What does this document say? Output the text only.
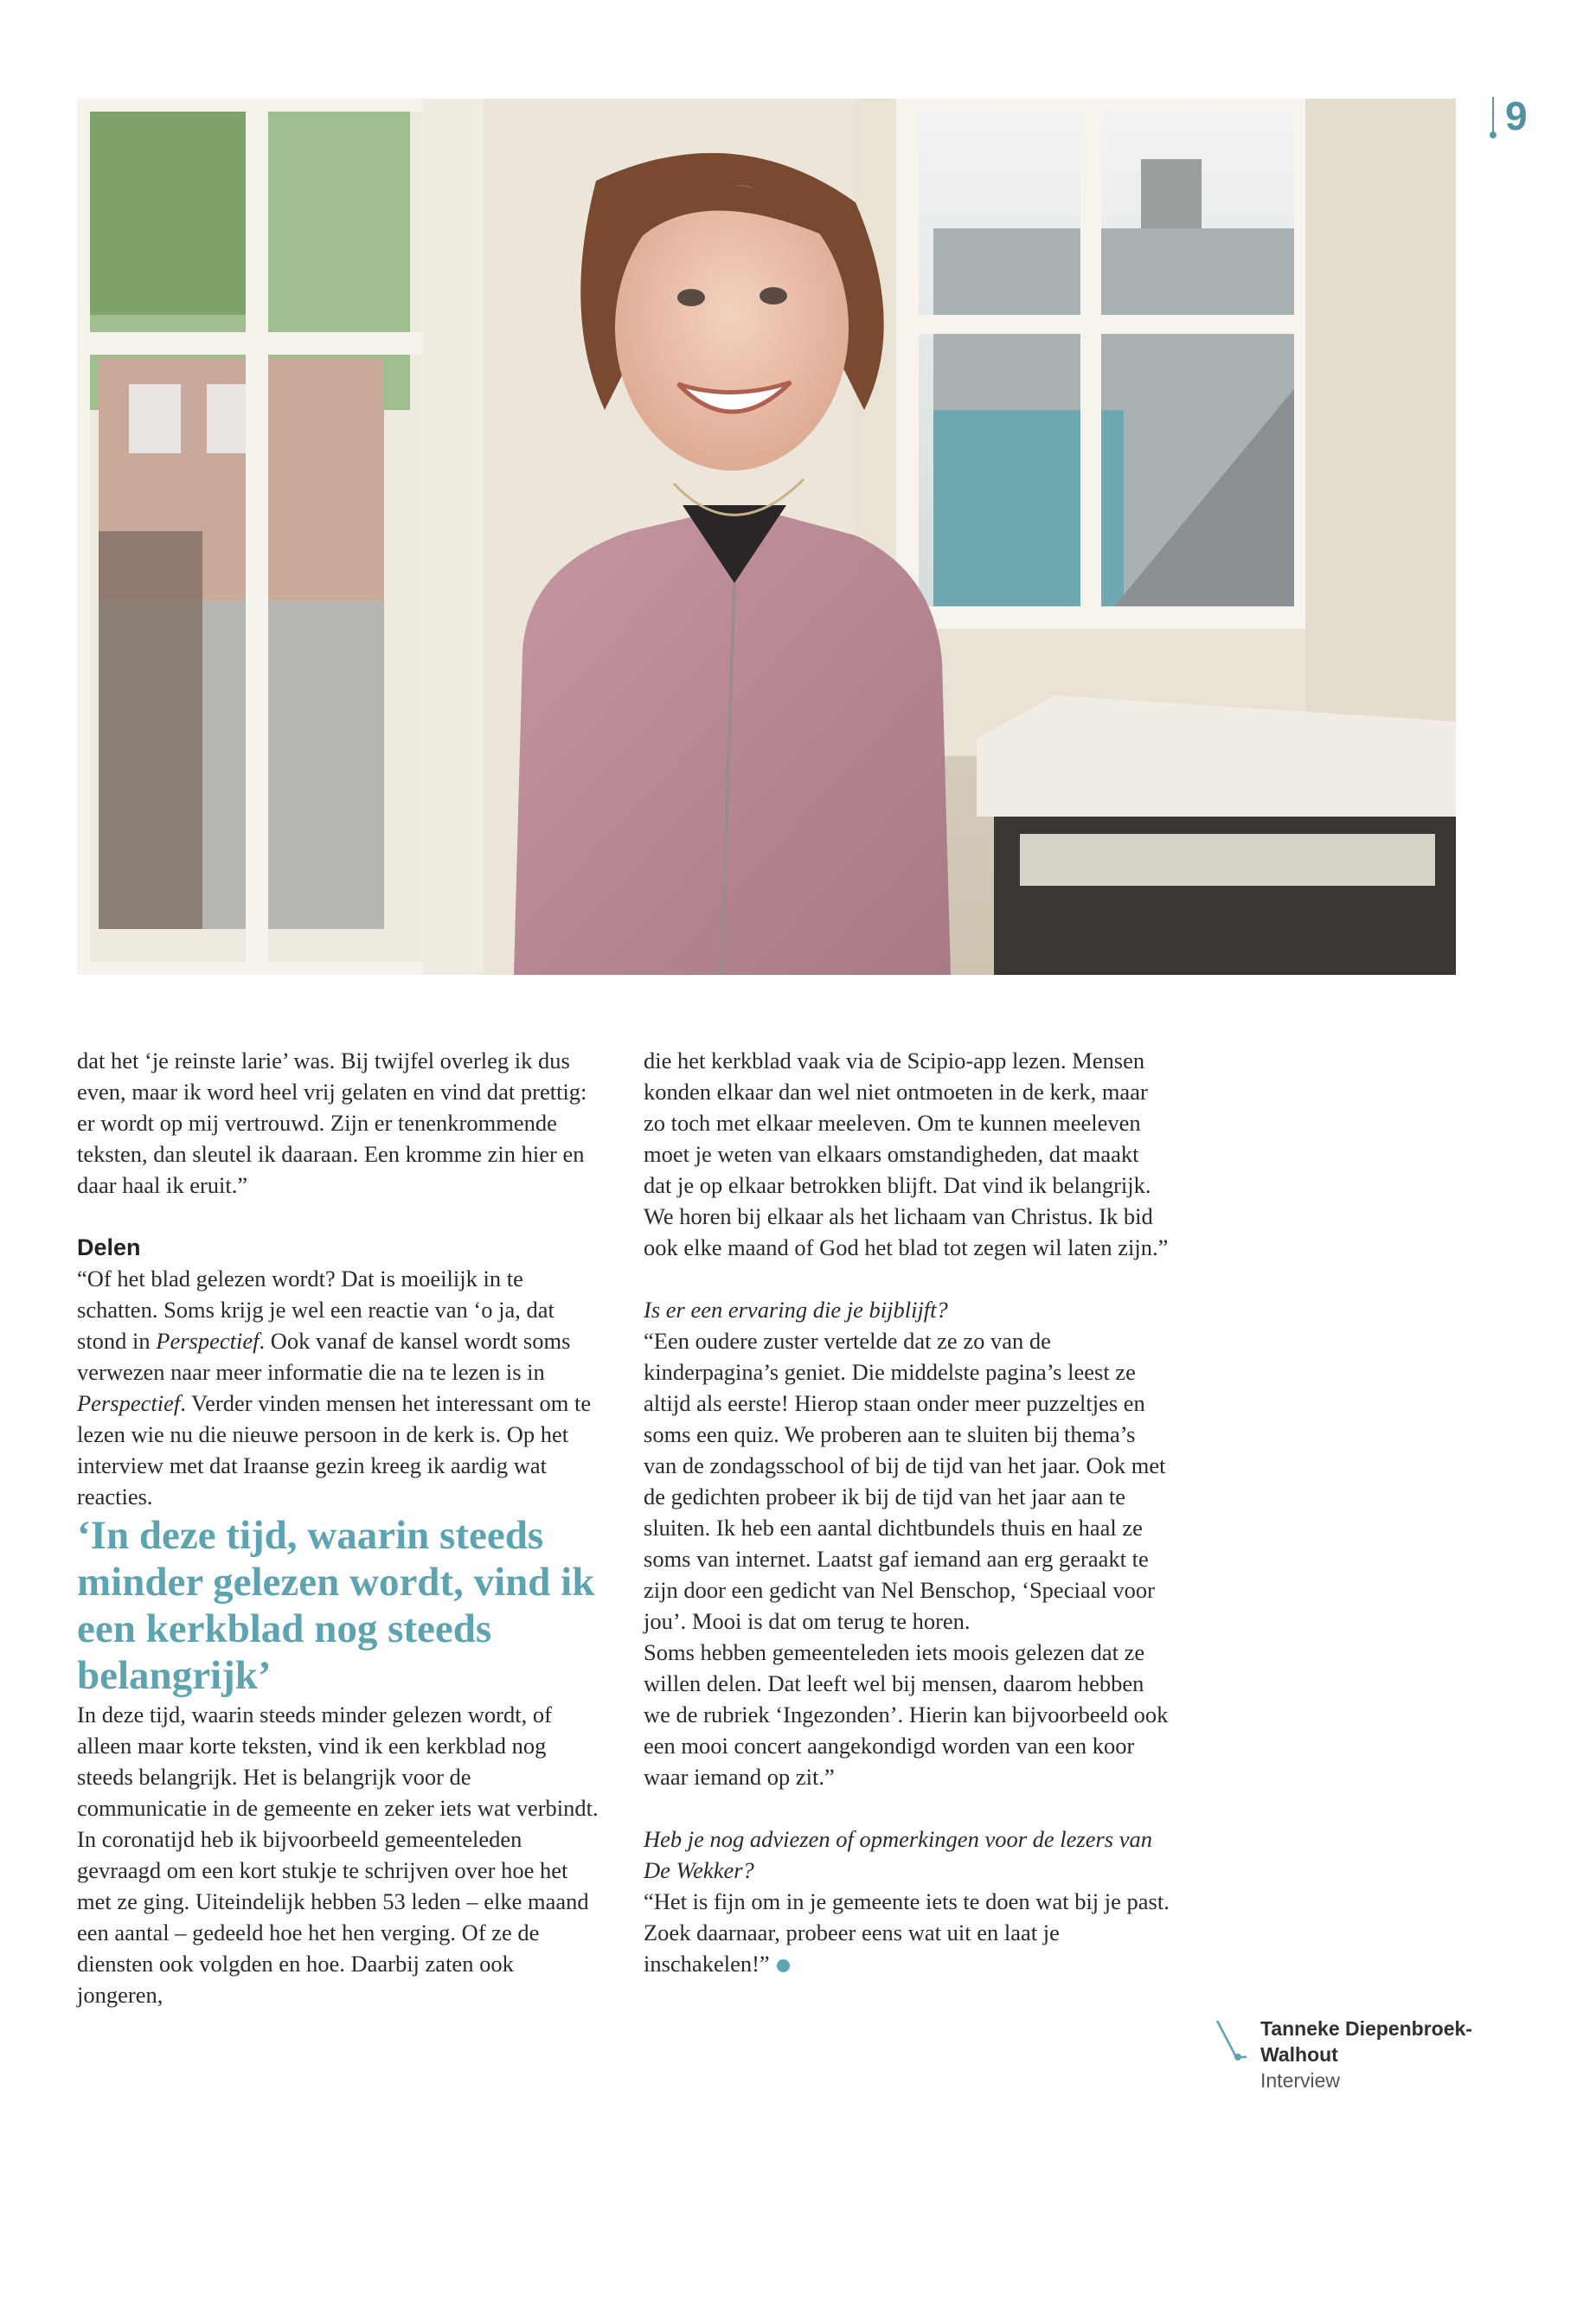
9

dat het ‘je reinste larie’ was. Bij twijfel overleg ik dus even, maar ik word heel vrij gelaten en vind dat prettig: er wordt op mij vertrouwd. Zijn er tenenkrommende teksten, dan sleutel ik daaraan. Een kromme zin hier en daar haal ik eruit.”

Delen

“Of het blad gelezen wordt? Dat is moeilijk in te schatten. Soms krijg je wel een reactie van ‘o ja, dat stond in Perspectief. Ook vanaf de kansel wordt soms verwezen naar meer informatie die na te lezen is in Perspectief. Verder vinden mensen het interessant om te lezen wie nu die nieuwe persoon in de kerk is. Op het interview met dat Iraanse gezin kreeg ik aardig wat reacties.

‘In deze tijd, waarin steeds minder gelezen wordt, vind ik een kerkblad nog steeds belangrijk’

In deze tijd, waarin steeds minder gelezen wordt, of alleen maar korte teksten, vind ik een kerkblad nog steeds belangrijk. Het is belangrijk voor de communicatie in de gemeente en zeker iets wat verbindt. In coronatijd heb ik bijvoorbeeld gemeenteleden gevraagd om een kort stukje te schrijven over hoe het met ze ging. Uiteindelijk hebben 53 leden – elke maand een aantal – gedeeld hoe het hen verging. Of ze de diensten ook volgden en hoe. Daarbij zaten ook jongeren,

die het kerkblad vaak via de Scipio-app lezen. Mensen konden elkaar dan wel niet ontmoeten in de kerk, maar zo toch met elkaar meeleven. Om te kunnen meeleven moet je weten van elkaars omstandigheden, dat maakt dat je op elkaar betrokken blijft. Dat vind ik belangrijk. We horen bij elkaar als het lichaam van Christus. Ik bid ook elke maand of God het blad tot zegen wil laten zijn.”

Is er een ervaring die je bijblijft?

“Een oudere zuster vertelde dat ze zo van de kinderpagina’s geniet. Die middelste pagina’s leest ze altijd als eerste! Hierop staan onder meer puzzeltjes en soms een quiz. We proberen aan te sluiten bij thema’s van de zondagsschool of bij de tijd van het jaar. Ook met de gedichten probeer ik bij de tijd van het jaar aan te sluiten. Ik heb een aantal dichtbundels thuis en haal ze soms van internet. Laatst gaf iemand aan erg geraakt te zijn door een gedicht van Nel Benschop, ‘Speciaal voor jou’. Mooi is dat om terug te horen.

Soms hebben gemeenteleden iets moois gelezen dat ze willen delen. Dat leeft wel bij mensen, daarom hebben we de rubriek ‘Ingezonden’. Hierin kan bijvoorbeeld ook een mooi concert aangekondigd worden van een koor waar iemand op zit.”

Heb je nog adviezen of opmerkingen voor de lezers van De Wekker?

“Het is fijn om in je gemeente iets te doen wat bij je past. Zoek daarnaar, probeer eens wat uit en laat je inschakelen!”

Tanneke Diepenbroek-Walhout
Interview
